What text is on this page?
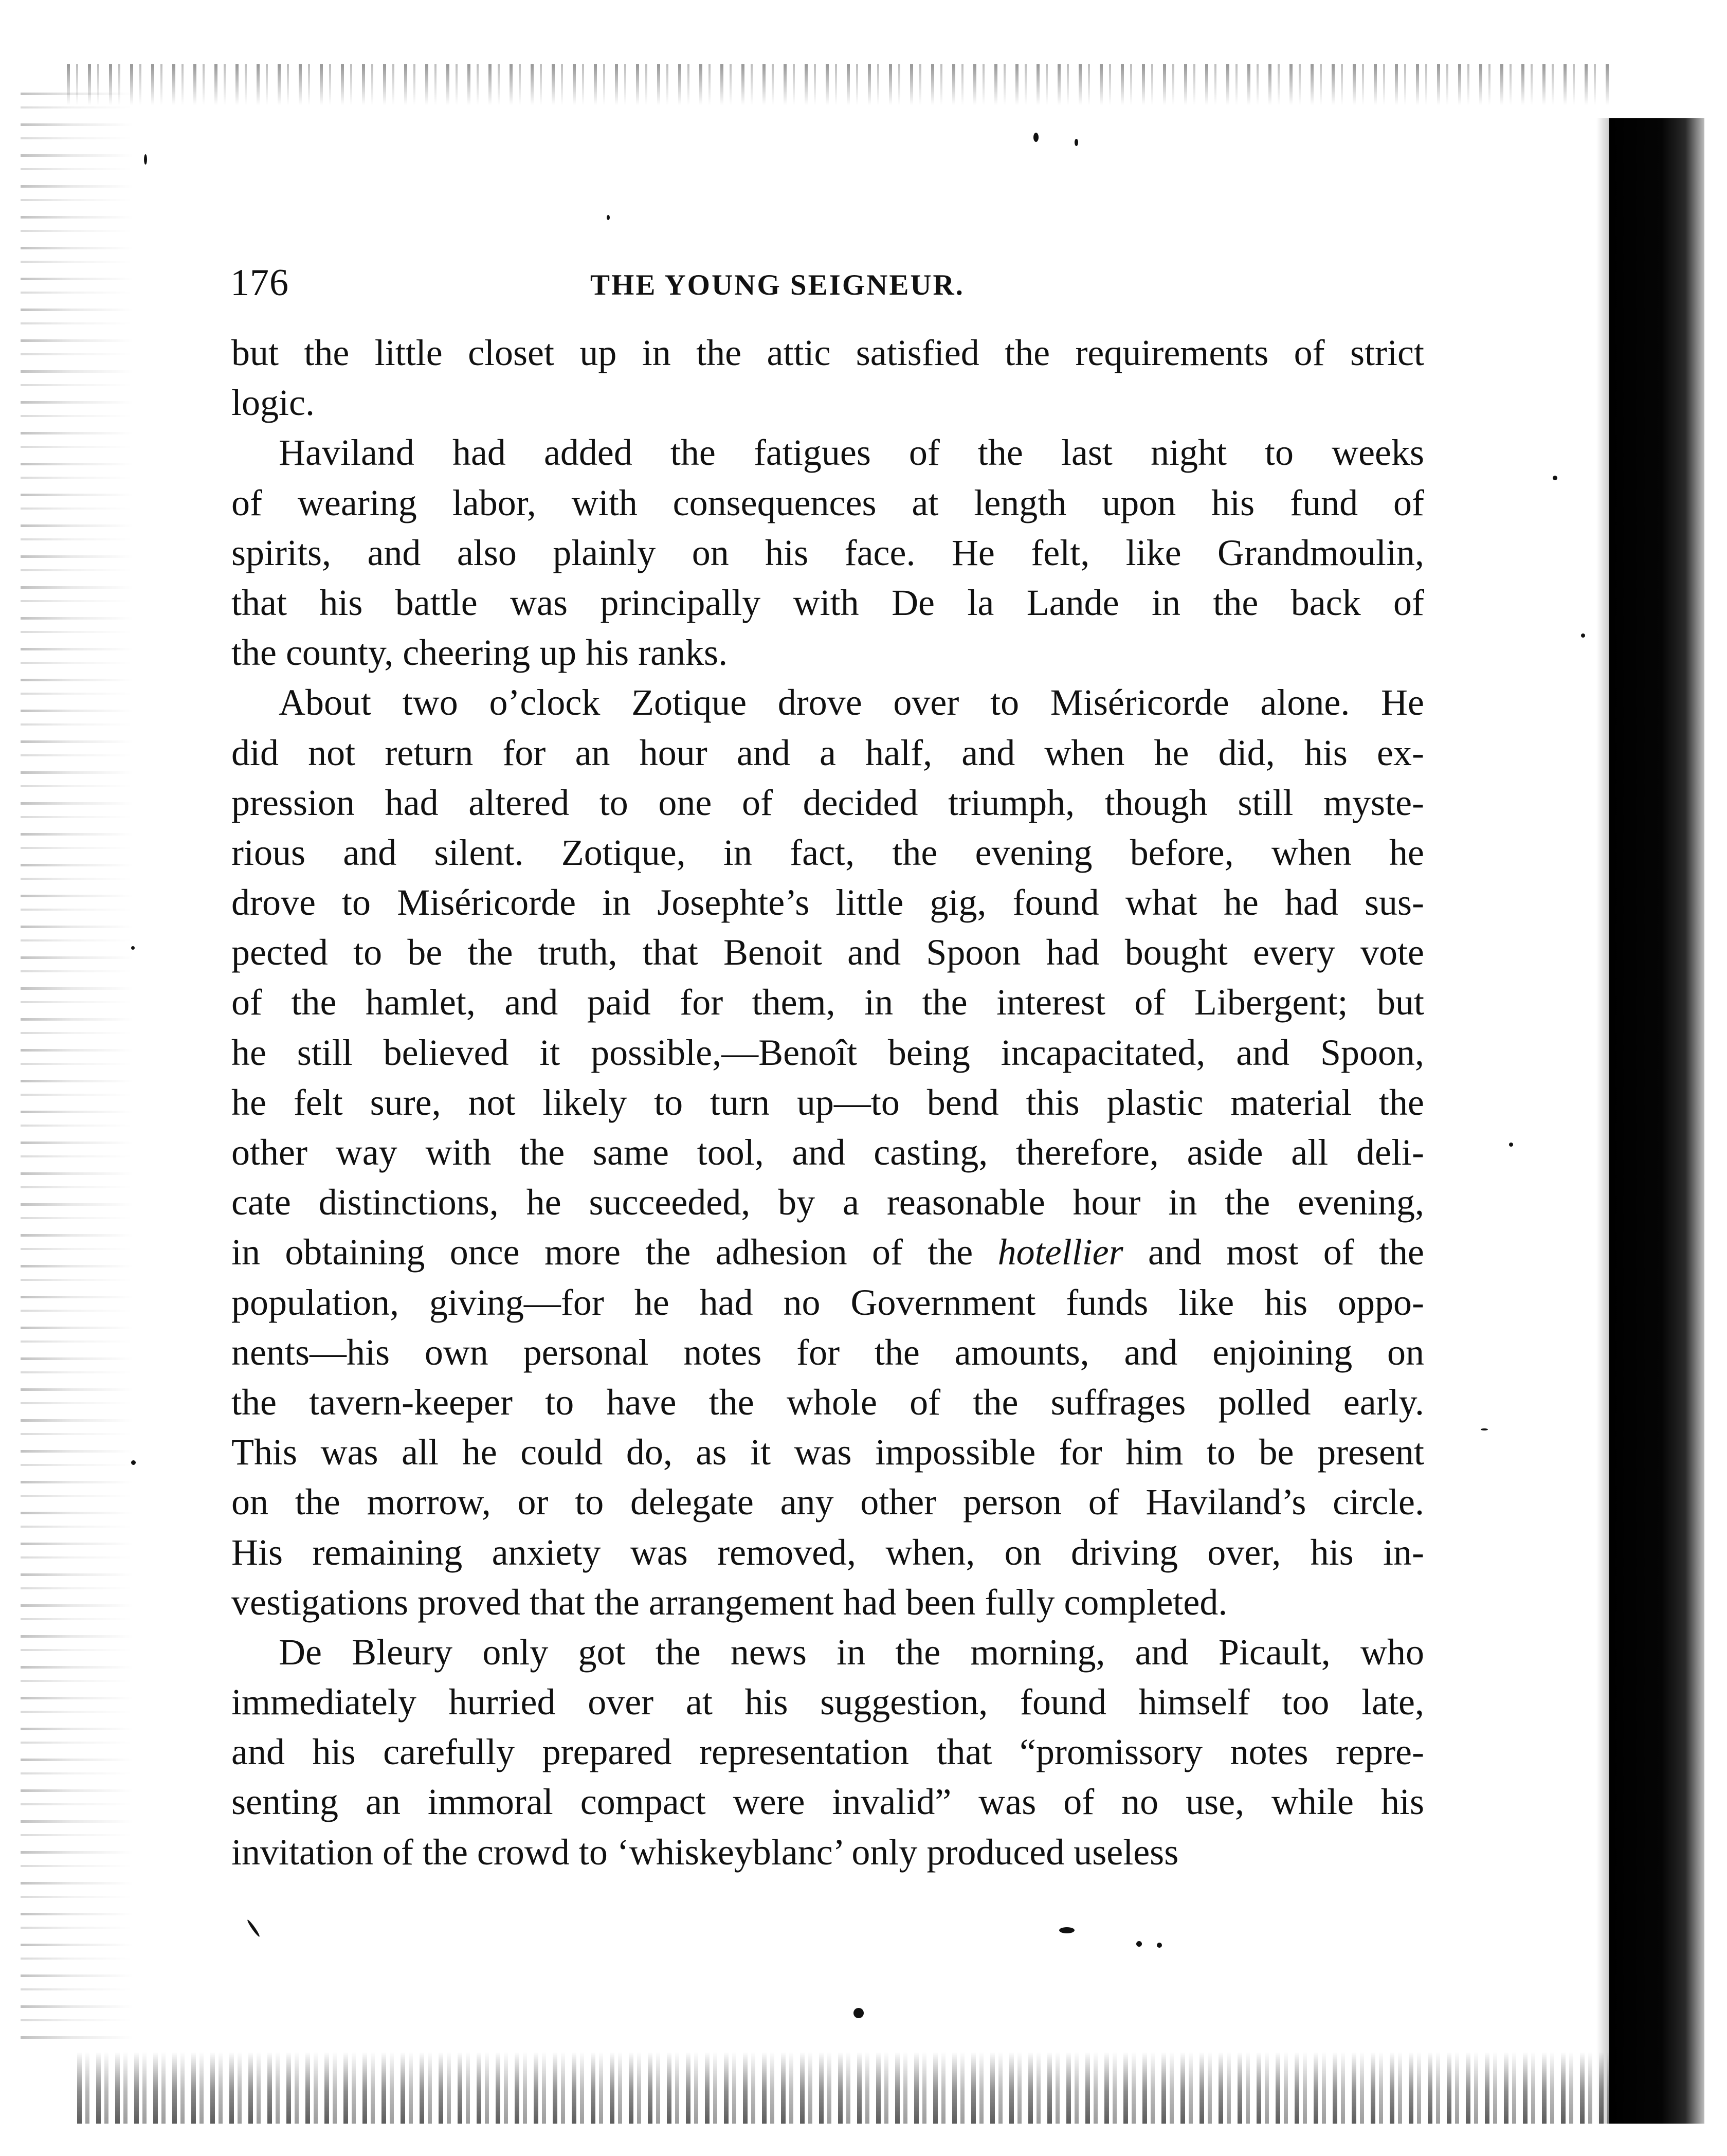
176	THE YOUNG SEIGNEUR.
but the little closet up in the attic satisfied the requirements of strict
logic.
Haviland had added the fatigues of the last night to weeks
of wearing labor, with consequences at length upon his fund of
spirits, and also plainly on his face. He felt, like Grandmoulin,
that his battle was principally with De la Lande in the back of
the county, cheering up his ranks.
About two o’clock Zotique drove over to Miséricorde alone. He
did not return for an hour and a half, and when he did, his ex-
pression had altered to one of decided triumph, though still myste-
rious and silent. Zotique, in fact, the evening before, when he
drove to Miséricorde in Josephte’s little gig, found what he had sus-
pected to be the truth, that Benoit and Spoon had bought every vote
of the hamlet, and paid for them, in the interest of Libergent; but
he still believed it possible,—Benoît being incapacitated, and Spoon,
he felt sure, not likely to turn up—to bend this plastic material the
other way with the same tool, and casting, therefore, aside all deli-
cate distinctions, he succeeded, by a reasonable hour in the evening,
in obtaining once more the adhesion of the hotellier and most of the
population, giving—for he had no Government funds like his oppo-
nents—his own personal notes for the amounts, and enjoining on
the tavern-keeper to have the whole of the suffrages polled early.
This was all he could do, as it was impossible for him to be present
on the morrow, or to delegate any other person of Haviland’s circle.
His remaining anxiety was removed, when, on driving over, his in-
vestigations proved that the arrangement had been fully completed.
De Bleury only got the news in the morning, and Picault, who
immediately hurried over at his suggestion, found himself too late,
and his carefully prepared representation that “promissory notes repre-
senting an immoral compact were invalid” was of no use, while his
invitation of the crowd to ‘whiskeyblanc’ only produced useless
